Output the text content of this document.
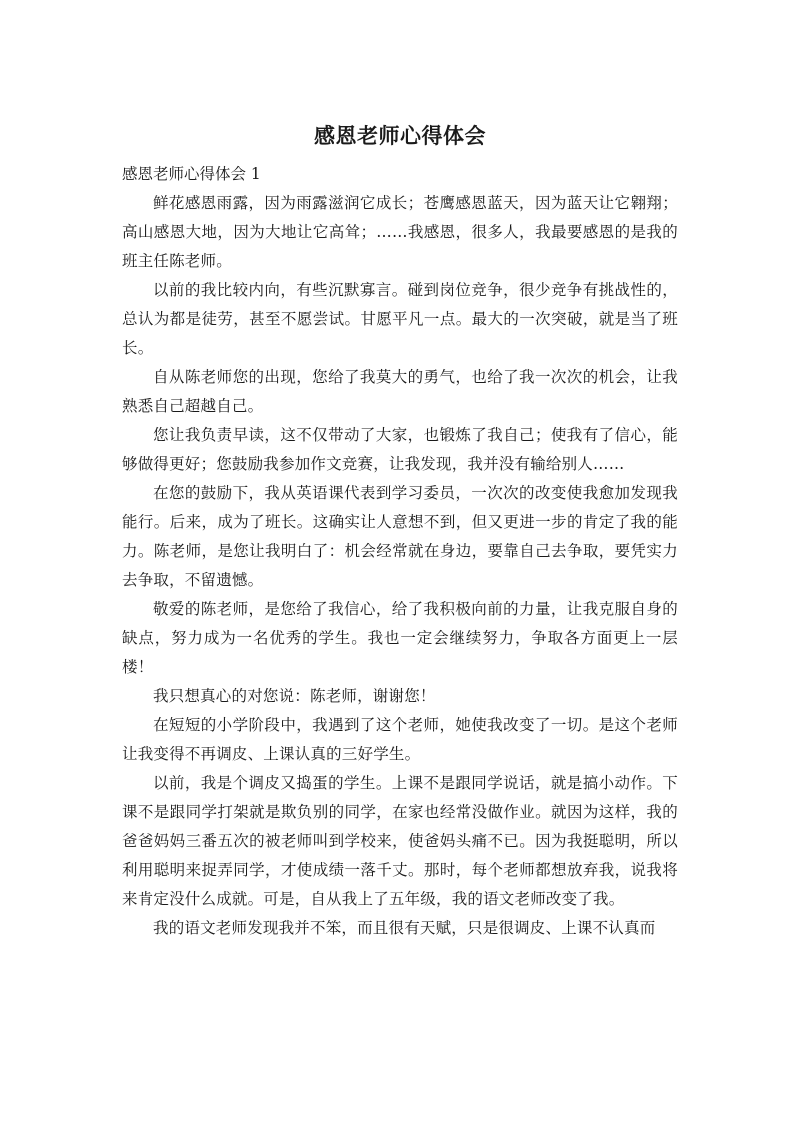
感恩老师心得体会

感恩老师心得体会 1

鲜花感恩雨露，因为雨露滋润它成长；苍鹰感恩蓝天，因为蓝天让它翱翔；高山感恩大地，因为大地让它高耸；……我感恩，很多人，我最要感恩的是我的班主任陈老师。

以前的我比较内向，有些沉默寡言。碰到岗位竞争，很少竞争有挑战性的，总认为都是徒劳，甚至不愿尝试。甘愿平凡一点。最大的一次突破，就是当了班长。

自从陈老师您的出现，您给了我莫大的勇气，也给了我一次次的机会，让我熟悉自己超越自己。

您让我负责早读，这不仅带动了大家，也锻炼了我自己；使我有了信心，能够做得更好；您鼓励我参加作文竞赛，让我发现，我并没有输给别人……

在您的鼓励下，我从英语课代表到学习委员，一次次的改变使我愈加发现我能行。后来，成为了班长。这确实让人意想不到，但又更进一步的肯定了我的能力。陈老师，是您让我明白了：机会经常就在身边，要靠自己去争取，要凭实力去争取，不留遗憾。

敬爱的陈老师，是您给了我信心，给了我积极向前的力量，让我克服自身的缺点，努力成为一名优秀的学生。我也一定会继续努力，争取各方面更上一层楼！

我只想真心的对您说：陈老师，谢谢您！

在短短的小学阶段中，我遇到了这个老师，她使我改变了一切。是这个老师让我变得不再调皮、上课认真的三好学生。

以前，我是个调皮又捣蛋的学生。上课不是跟同学说话，就是搞小动作。下课不是跟同学打架就是欺负别的同学，在家也经常没做作业。就因为这样，我的爸爸妈妈三番五次的被老师叫到学校来，使爸妈头痛不已。因为我挺聪明，所以利用聪明来捉弄同学，才使成绩一落千丈。那时，每个老师都想放弃我，说我将来肯定没什么成就。可是，自从我上了五年级，我的语文老师改变了我。

我的语文老师发现我并不笨，而且很有天赋，只是很调皮、上课不认真而
